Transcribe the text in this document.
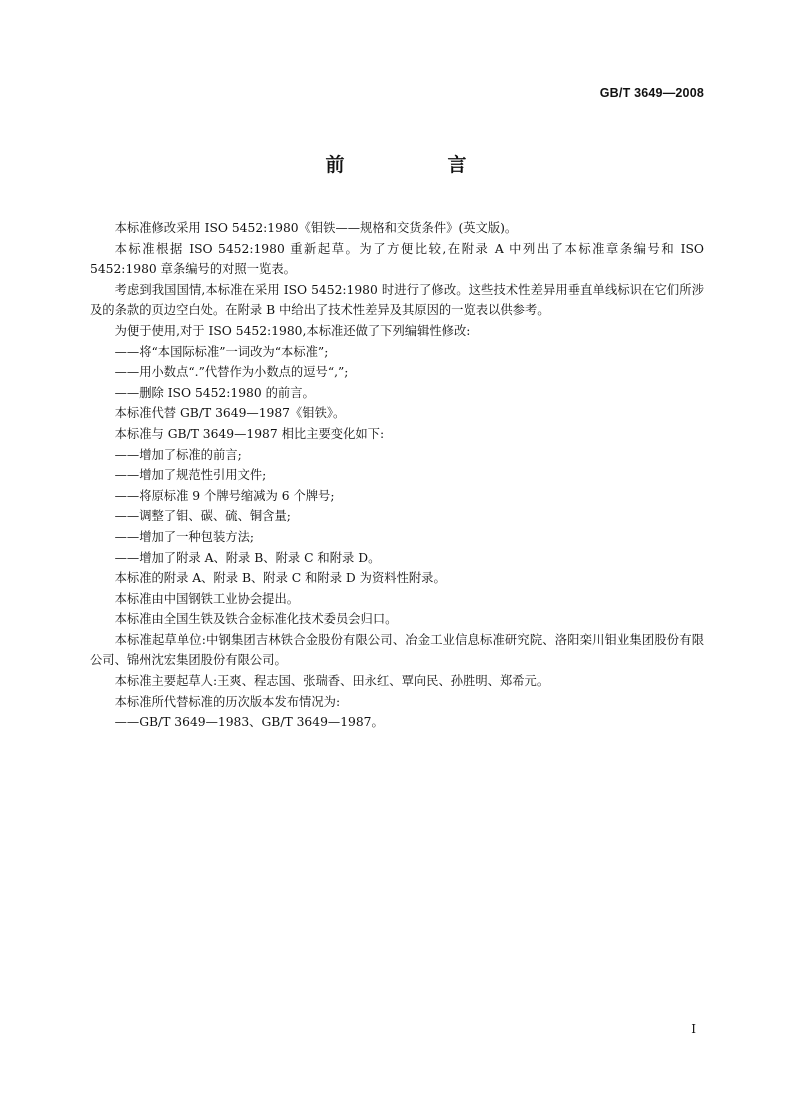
GB/T 3649—2008
前　言

本标准修改采用 ISO 5452:1980《钼铁——规格和交货条件》(英文版)。

本标准根据 ISO 5452:1980 重新起草。为了方便比较,在附录 A 中列出了本标准章条编号和 ISO 5452:1980 章条编号的对照一览表。

考虑到我国国情,本标准在采用 ISO 5452:1980 时进行了修改。这些技术性差异用垂直单线标识在它们所涉及的条款的页边空白处。在附录 B 中给出了技术性差异及其原因的一览表以供参考。

为便于使用,对于 ISO 5452:1980,本标准还做了下列编辑性修改:

——将“本国际标准”一词改为“本标准”;

——用小数点“.”代替作为小数点的逗号“,”;

——删除 ISO 5452:1980 的前言。

本标准代替 GB/T 3649—1987《钼铁》。

本标准与 GB/T 3649—1987 相比主要变化如下:

——增加了标准的前言;

——增加了规范性引用文件;

——将原标准 9 个牌号缩减为 6 个牌号;

——调整了钼、碳、硫、铜含量;

——增加了一种包装方法;

——增加了附录 A、附录 B、附录 C 和附录 D。

本标准的附录 A、附录 B、附录 C 和附录 D 为资料性附录。

本标准由中国钢铁工业协会提出。

本标准由全国生铁及铁合金标准化技术委员会归口。

本标准起草单位:中钢集团吉林铁合金股份有限公司、冶金工业信息标准研究院、洛阳栾川钼业集团股份有限公司、锦州沈宏集团股份有限公司。

本标准主要起草人:王爽、程志国、张瑞香、田永红、覃向民、孙胜明、郑希元。

本标准所代替标准的历次版本发布情况为:

——GB/T 3649—1983、GB/T 3649—1987。

I
